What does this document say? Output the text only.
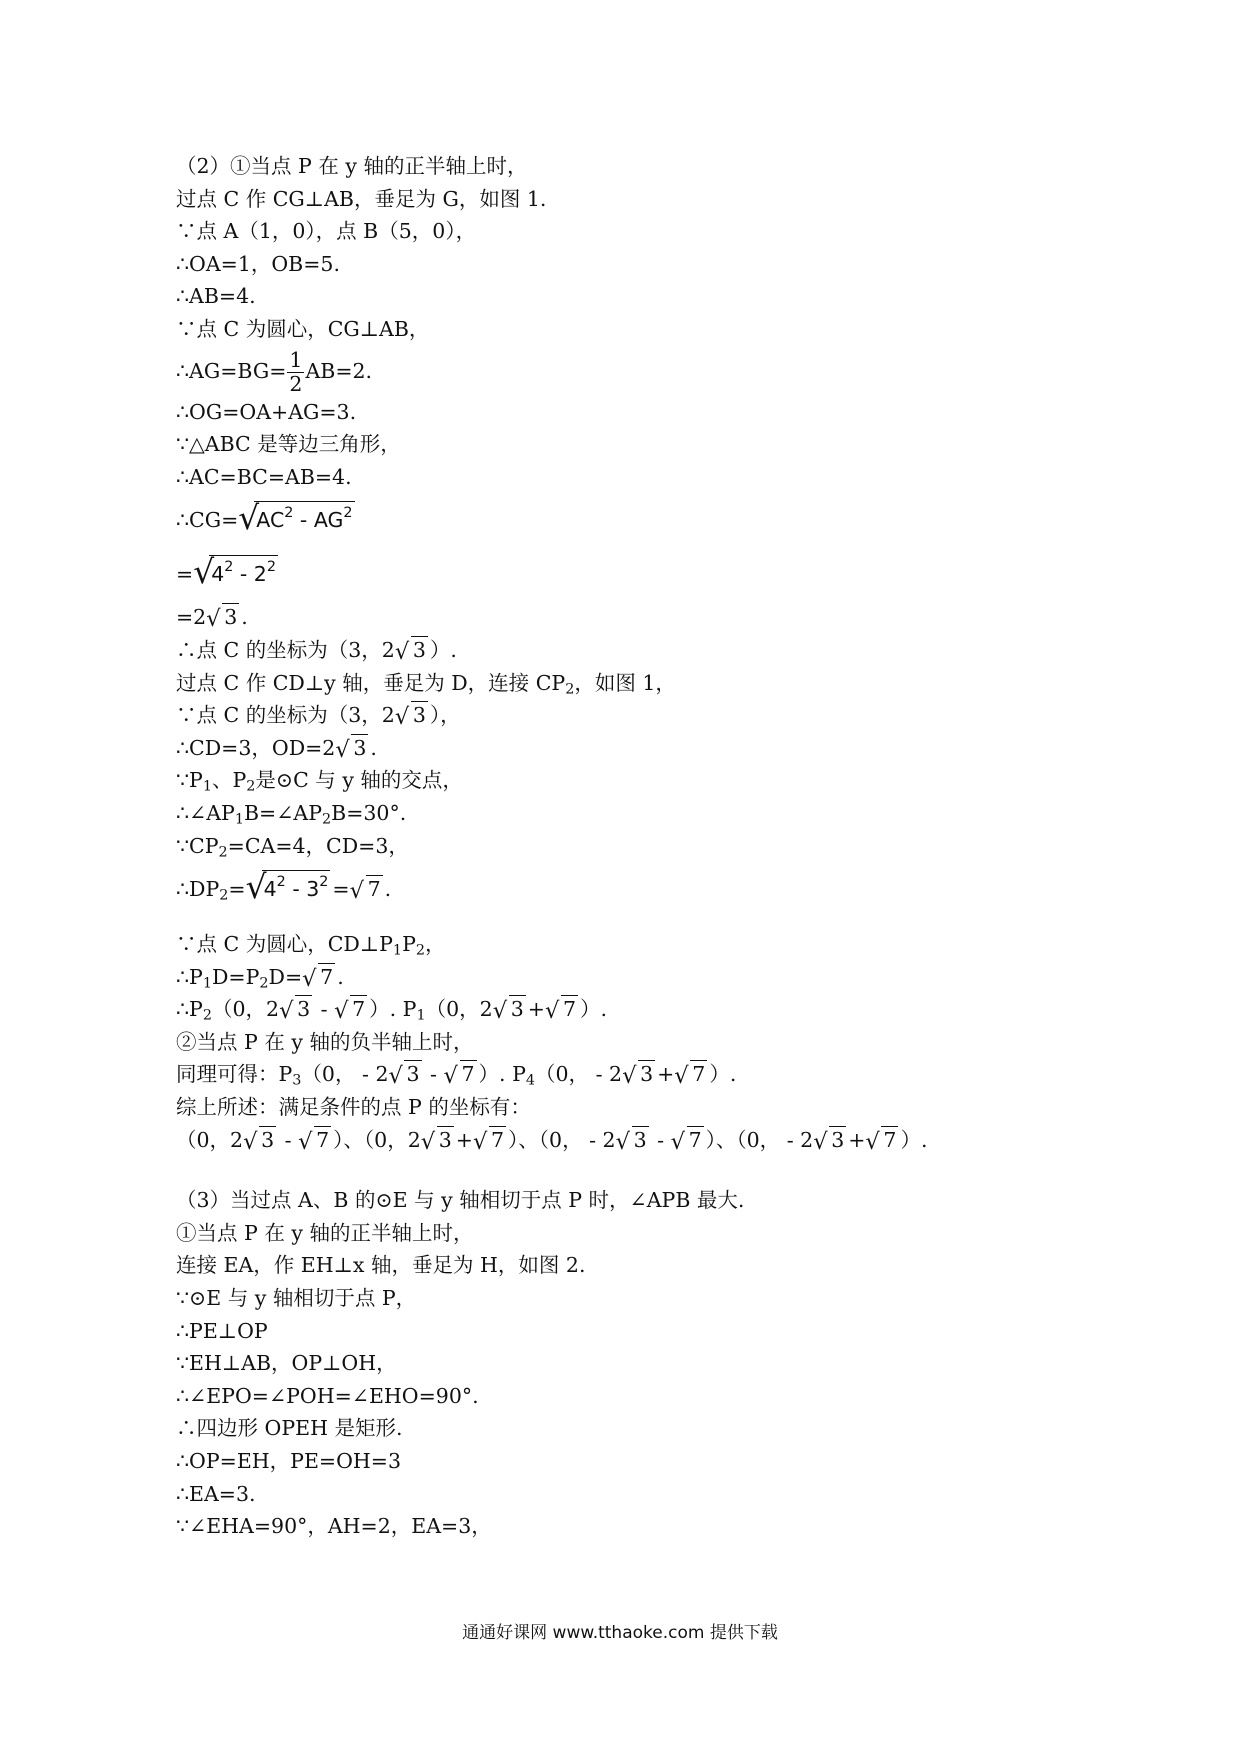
（2）①当点 P 在 y 轴的正半轴上时，
过点 C 作 CG⊥AB，垂足为 G，如图 1.
∵点 A（1，0），点 B（5，0），
∴OA=1，OB=5.
∴AB=4.
∵点 C 为圆心，CG⊥AB，
∴AG=BG= $\frac{1}{2} AB=2$.
∴OG=OA+AG=3.
∵△ABC 是等边三角形，
∴AC=BC=AB=4.
∴CG= √
$AC^2 - AG^2$
= √
$4^2 - 2^2$
=2 √ 3 .
∴点 C 的坐标为（3，2 √ 3 ）.
过点 C 作 CD⊥y 轴，垂足为 D，连接 $CP_2$，如图 1，
∵点 C 的坐标为（3，2 √ 3 ），
∴CD=3，OD=2 √ 3 .
$\because P_1$、$P_2$是⊙C 与 y 轴的交点，
$\therefore\angle AP_1B=\angle AP_2B=30^\circ$.
$\because CP_2=CA=4$，CD=3，
$\therefore DP_2=$ √
$4^2 - 3^2$ = √ 7 .
∵点 C 为圆心，$CD\perp P_1P_2$，
$\therefore P_1D=P_2D=$ √ 7 .
$\therefore P_2(0$，2 √ 3 - √ 7 ）. $P_1(0$，2 √ 3 + √ 7 ）.
②当点 P 在 y 轴的负半轴上时，
同理可得：$P_3(0$， - 2 √ 3 - √ 7 ）. $P_4(0$， - 2 √ 3 + √ 7 ）.
综上所述：满足条件的点 P 的坐标有：
（0，2 √ 3 - √ 7 ）、（0，2 √ 3 + √ 7 ）、（0， - 2 √ 3 - √ 7 ）、（0， - 2 √ 3 + √ 7 ）.
（3）当过点 A、B 的⊙E 与 y 轴相切于点 P 时，∠APB 最大.
①当点 P 在 y 轴的正半轴上时，
连接 EA，作 EH⊥x 轴，垂足为 H，如图 2.
∵⊙E 与 y 轴相切于点 P，
∴PE⊥OP
∵EH⊥AB，OP⊥OH，
∴∠EPO=∠POH=∠EHO=90°.
∴四边形 OPEH 是矩形.
∴OP=EH，PE=OH=3
∴EA=3.
∵∠EHA=90°，AH=2，EA=3，
通通好课网 www.tthaoke.com 提供下载
